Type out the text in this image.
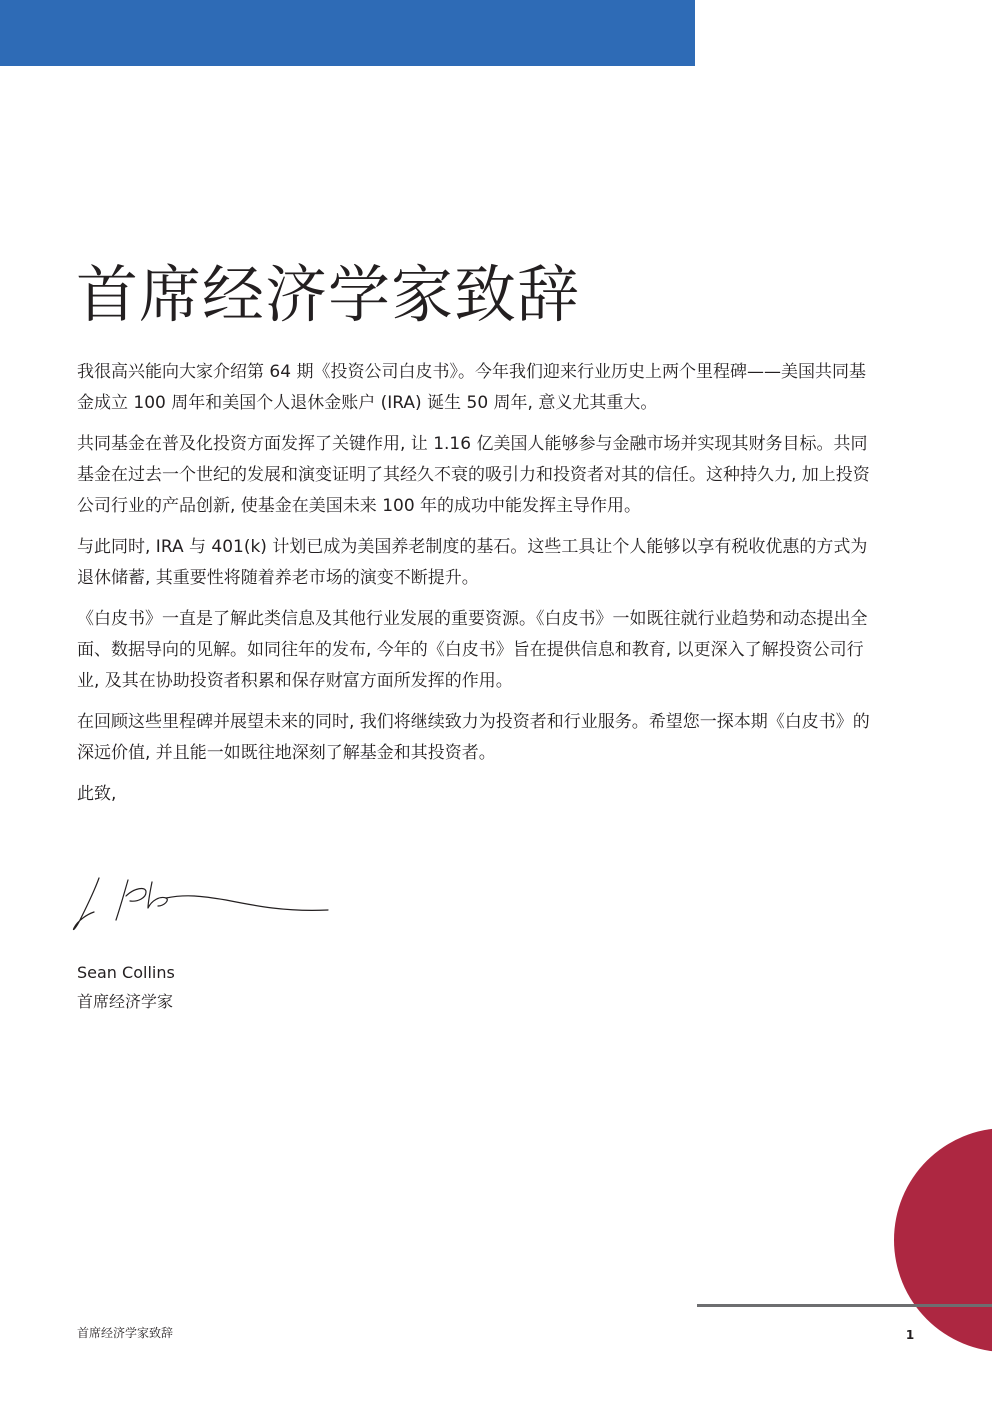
首席经济学家致辞

我很高兴能向大家介绍第 64 期《投资公司白皮书》。今年我们迎来行业历史上两个里程碑——美国共同基金成立 100 周年和美国个人退休金账户 (IRA) 诞生 50 周年, 意义尤其重大。

共同基金在普及化投资方面发挥了关键作用, 让 1.16 亿美国人能够参与金融市场并实现其财务目标。共同基金在过去一个世纪的发展和演变证明了其经久不衰的吸引力和投资者对其的信任。这种持久力, 加上投资公司行业的产品创新, 使基金在美国未来 100 年的成功中能发挥主导作用。

与此同时, IRA 与 401(k) 计划已成为美国养老制度的基石。这些工具让个人能够以享有税收优惠的方式为退休储蓄, 其重要性将随着养老市场的演变不断提升。

《白皮书》一直是了解此类信息及其他行业发展的重要资源。《白皮书》一如既往就行业趋势和动态提出全面、数据导向的见解。如同往年的发布, 今年的《白皮书》旨在提供信息和教育, 以更深入了解投资公司行业, 及其在协助投资者积累和保存财富方面所发挥的作用。

在回顾这些里程碑并展望未来的同时, 我们将继续致力为投资者和行业服务。希望您一探本期《白皮书》的深远价值, 并且能一如既往地深刻了解基金和其投资者。

此致,

Sean Collins
首席经济学家
首席经济学家致辞	1
